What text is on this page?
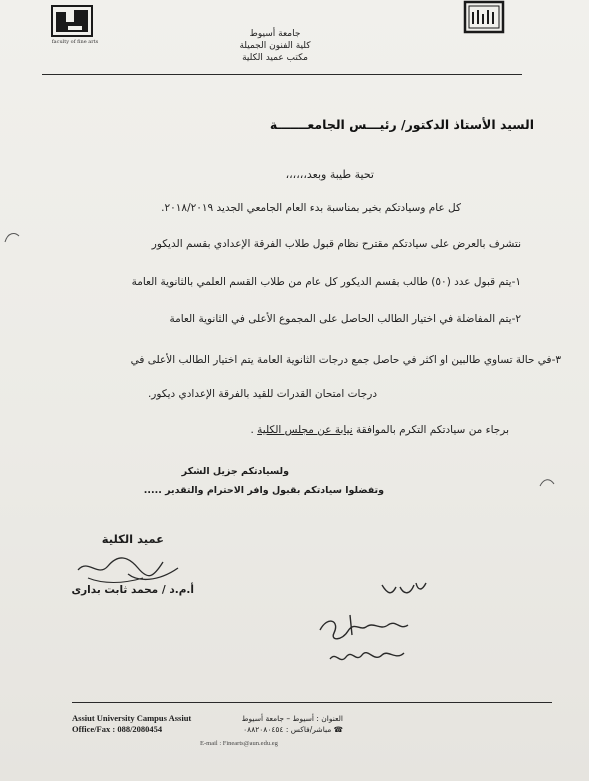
faculty of fine arts
جامعة أسيوط
كلية الفنون الجميلة
مكتب عميد الكلية
السيد الأستاذ الدكتور/ رئيـــس الجامعـــــــة
تحية طيبة وبعد،،،،،،
كل عام وسيادتكم بخير بمناسبة بدء العام الجامعي الجديد ٢٠١٨/٢٠١٩.
نتشرف بالعرض على سيادتكم مقترح نظام قبول طلاب الفرقة الإعدادي بقسم الديكور
١-يتم قبول عدد (٥٠) طالب بقسم الديكور كل عام من طلاب القسم العلمي بالثانوية العامة
٢-يتم المفاضلة في اختيار الطالب الحاصل على المجموع الأعلى في الثانوية العامة
٣-في حالة تساوي طالبين او اكثر في حاصل جمع درجات الثانوية العامة يتم اختيار الطالب الأعلى في
درجات امتحان القدرات للقيد بالفرقة الإعدادي ديكور.
برجاء من سيادتكم التكرم بالموافقة نيابة عن مجلس الكلية .
ولسيادتكم جزيل الشكر
وتفضلوا سيادتكم بقبول وافر الاحترام والتقدير .....
عميد الكلية
أ.م.د / محمد ثابت بدارى
Assiut University Campus Assiut
Office/Fax : 088/2080454
العنوان : أسيوط – جامعة أسيوط
☎ مباشر/فاكس : ٠٨٨٢٠٨٠٤٥٤
E-mail : Finearts@aun.edu.eg
